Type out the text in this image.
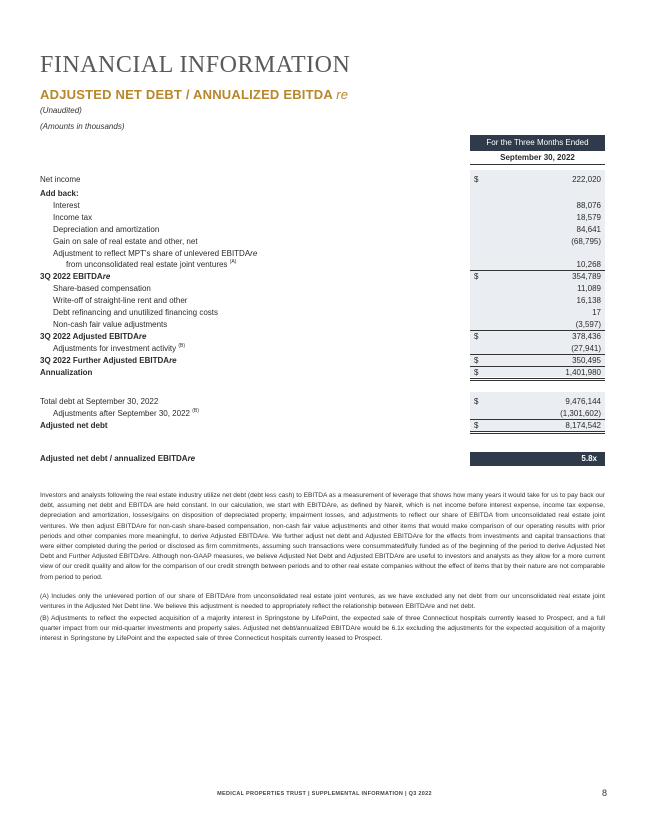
FINANCIAL INFORMATION
ADJUSTED NET DEBT / ANNUALIZED EBITDA re
(Unaudited)
(Amounts in thousands)
For the Three Months Ended
September 30, 2022
Net income	$	222,020
Add back:
Interest	88,076
Income tax	18,579
Depreciation and amortization	84,641
Gain on sale of real estate and other, net	(68,795)
Adjustment to reflect MPT's share of unlevered EBITDAre
from unconsolidated real estate joint ventures $^{(A)}$	10,268
3Q 2022 EBITDAre	$	354,789
Share-based compensation	11,089
Write-off of straight-line rent and other	16,138
Debt refinancing and unutilized financing costs	17
Non-cash fair value adjustments	(3,597)
3Q 2022 Adjusted EBITDAre	$	378,436
Adjustments for investment activity $^{(B)}$	(27,941)
3Q 2022 Further Adjusted EBITDAre	$	350,495
Annualization	$	1,401,980
Total debt at September 30, 2022	$	9,476,144
Adjustments after September 30, 2022 $^{(B)}$	(1,301,602)
Adjusted net debt	$	8,174,542
Adjusted net debt / annualized EBITDAre	5.8x
Investors and analysts following the real estate industry utilize net debt (debt less cash) to EBITDA as a measurement of leverage that shows how many years it would take for us to pay back our debt, assuming net debt and EBITDA are held constant. In our calculation, we start with EBITDAre, as defined by Nareit, which is net income before interest expense, income tax expense, depreciation and amortization, losses/gains on disposition of depreciated property, impairment losses, and adjustments to reflect our share of EBITDA from unconsolidated real estate joint ventures. We then adjust EBITDAre for non-cash share-based compensation, non-cash fair value adjustments and other items that would make comparison of our operating results with prior periods and other companies more meaningful, to derive Adjusted EBITDAre. We further adjust net debt and Adjusted EBITDAre for the effects from investments and capital transactions that were either completed during the period or disclosed as firm commitments, assuming such transactions were consummated/fully funded as of the beginning of the period to derive Adjusted Net Debt and Further Adjusted EBITDAre. Although non-GAAP measures, we believe Adjusted Net Debt and Adjusted EBITDAre are useful to investors and analysts as they allow for a more current view of our credit quality and allow for the comparison of our credit strength between periods and to other real estate companies without the effect of items that by their nature are not comparable from period to period.
(A) Includes only the unlevered portion of our share of EBITDAre from unconsolidated real estate joint ventures, as we have excluded any net debt from our unconsolidated real estate joint ventures in the Adjusted Net Debt line. We believe this adjustment is needed to appropriately reflect the relationship between EBITDAre and net debt.
(B) Adjustments to reflect the expected acquisition of a majority interest in Springstone by LifePoint, the expected sale of three Connecticut hospitals currently leased to Prospect, and a full quarter impact from our mid-quarter investments and property sales. Adjusted net debt/annualized EBITDAre would be 6.1x excluding the adjustments for the expected acquisition of a majority interest in Springstone by LifePoint and the expected sale of three Connecticut hospitals currently leased to Prospect.
MEDICAL PROPERTIES TRUST | SUPPLEMENTAL INFORMATION | Q3 2022	8
